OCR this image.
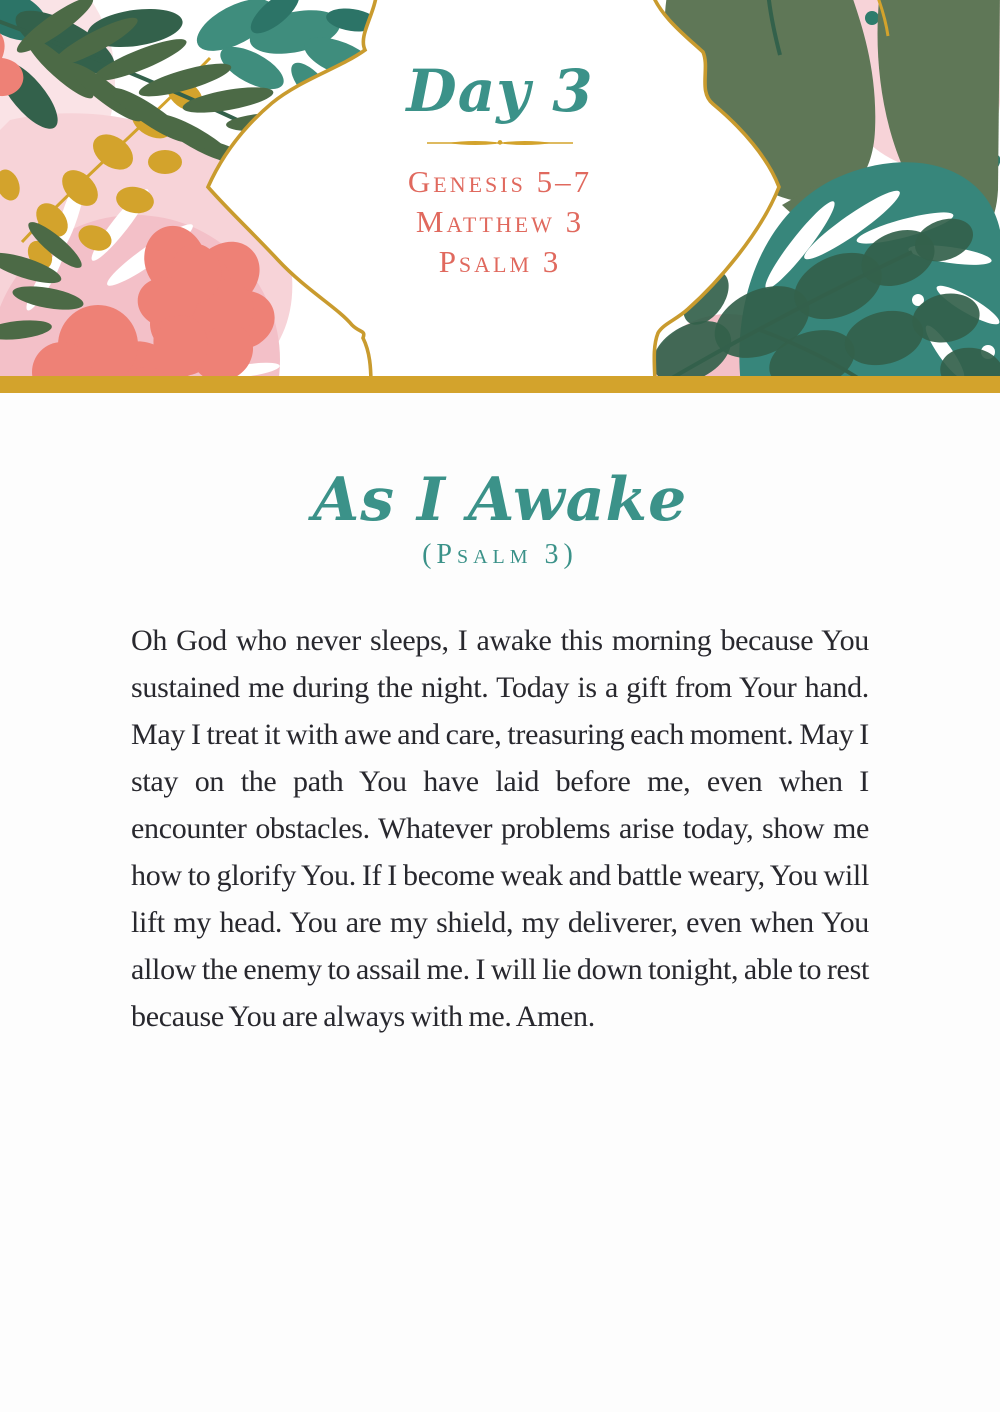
Day 3
Genesis 5–7
Matthew 3
Psalm 3
As I Awake
(Psalm 3)

Oh God who never sleeps, I awake this morning because You sustained me during the night. Today is a gift from Your hand. May I treat it with awe and care, treasuring each moment. May I stay on the path You have laid before me, even when I encounter obstacles. Whatever problems arise today, show me how to glorify You. If I become weak and battle weary, You will lift my head. You are my shield, my deliverer, even when You allow the enemy to assail me. I will lie down tonight, able to rest because You are always with me. Amen.
